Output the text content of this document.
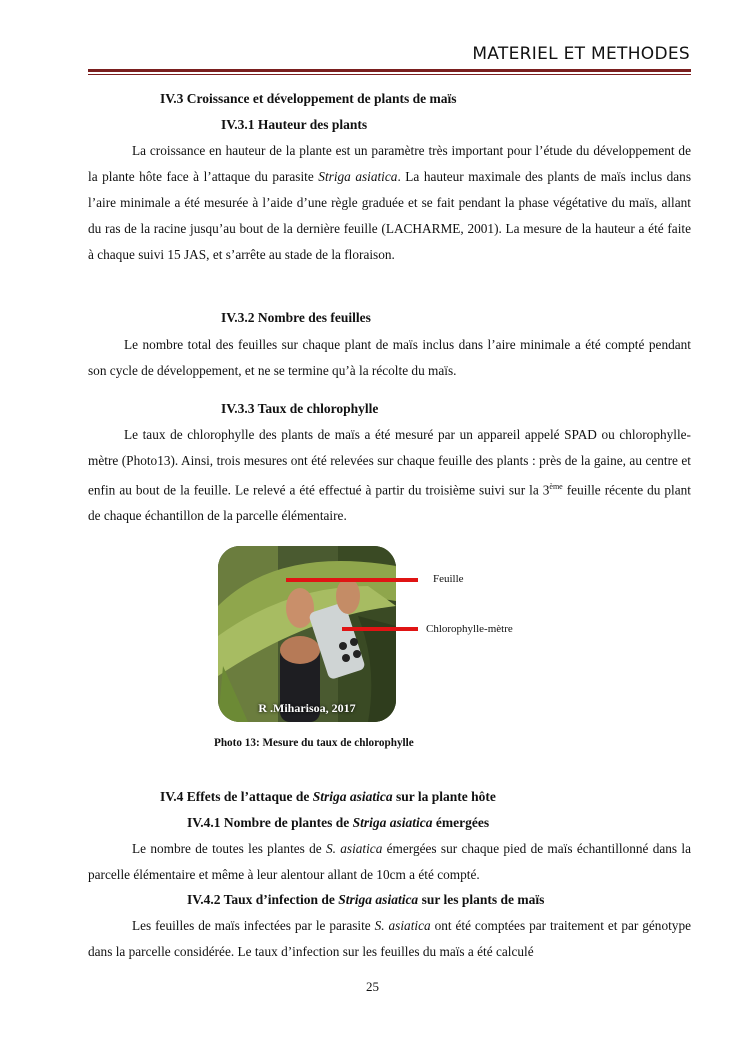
MATERIEL ET METHODES
IV.3 Croissance et développement de plants de maïs
IV.3.1 Hauteur des plants
La croissance en hauteur de la plante est un paramètre très important pour l’étude du développement de la plante hôte face à l’attaque du parasite Striga asiatica. La hauteur maximale des plants de maïs inclus dans l’aire minimale a été mesurée à l’aide d’une règle graduée et se fait pendant la phase végétative du maïs, allant du ras de la racine jusqu’au bout de la dernière feuille (LACHARME, 2001). La mesure de la hauteur a été faite à chaque suivi 15 JAS, et s’arrête au stade de la floraison.
IV.3.2 Nombre des feuilles
Le nombre total des feuilles sur chaque plant de maïs inclus dans l’aire minimale a été compté pendant son cycle de développement, et ne se termine qu’à la récolte du maïs.
IV.3.3 Taux de chlorophylle
Le taux de chlorophylle des plants de maïs a été mesuré par un appareil appelé SPAD ou chlorophylle-mètre (Photo13). Ainsi, trois mesures ont été relevées sur chaque feuille des plants : près de la gaine, au centre et enfin au bout de la feuille. Le relevé a été effectué à partir du troisième suivi sur la 3ème feuille récente du plant de chaque échantillon de la parcelle élémentaire.
R .Miharisoa, 2017
Feuille
Chlorophylle-mètre
Photo 13: Mesure du taux de chlorophylle
IV.4 Effets de l’attaque de Striga asiatica sur la plante hôte
IV.4.1 Nombre de plantes de Striga asiatica émergées
Le nombre de toutes les plantes de S. asiatica émergées sur chaque pied de maïs échantillonné dans la parcelle élémentaire et même à leur alentour allant de 10cm a été compté.
IV.4.2 Taux d’infection de Striga asiatica sur les plants de maïs
Les feuilles de maïs infectées par le parasite S. asiatica ont été comptées par traitement et par génotype dans la parcelle considérée. Le taux d’infection sur les feuilles du maïs a été calculé
25
